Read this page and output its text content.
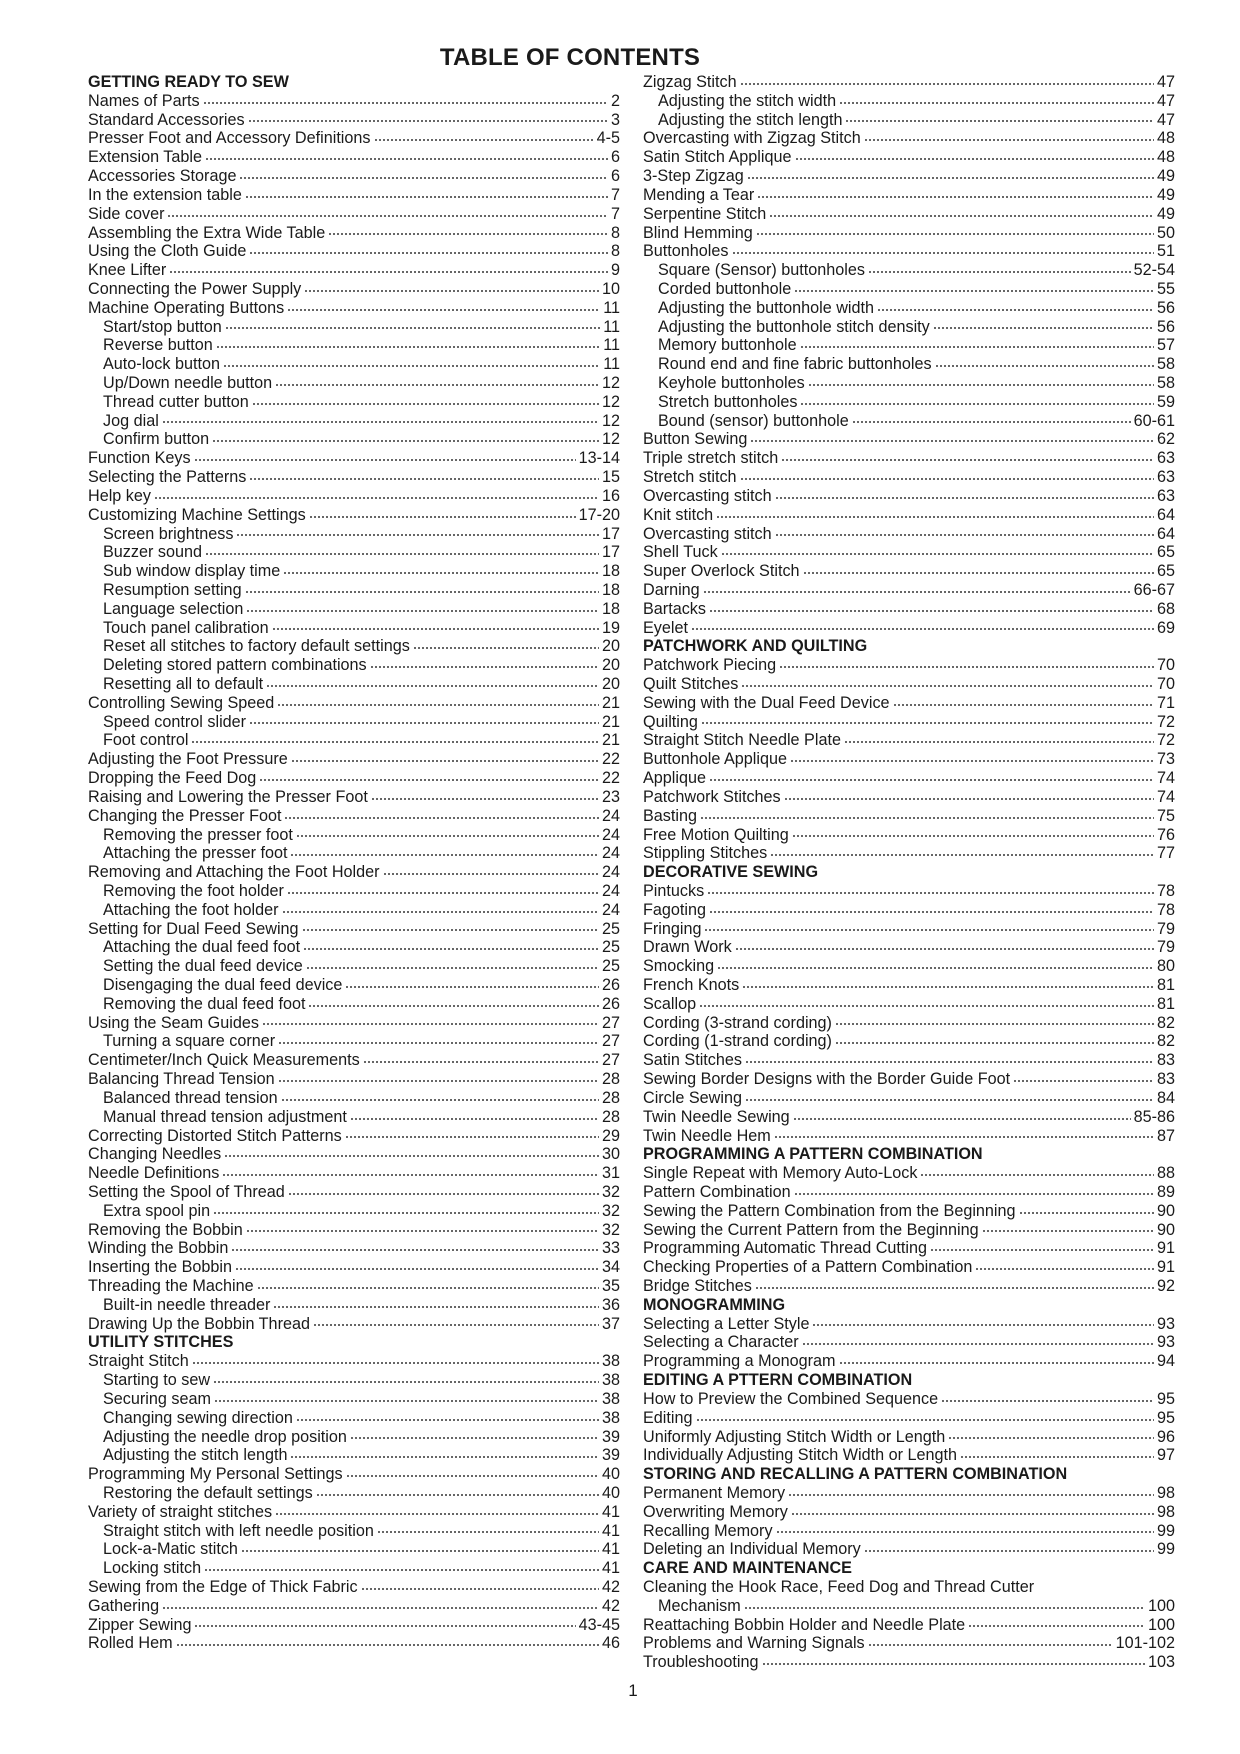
TABLE OF CONTENTS
GETTING READY TO SEW
Names of Parts	2
Standard Accessories	3
Presser Foot and Accessory Definitions	4-5
Extension Table	6
Accessories Storage	6
In the extension table	7
Side cover	7
Assembling the Extra Wide Table	8
Using the Cloth Guide	8
Knee Lifter	9
Connecting the Power Supply	10
Machine Operating Buttons	11
Start/stop button	11
Reverse button	11
Auto-lock button	11
Up/Down needle button	12
Thread cutter button	12
Jog dial	12
Confirm button	12
Function Keys	13-14
Selecting the Patterns	15
Help key	16
Customizing Machine Settings	17-20
Screen brightness	17
Buzzer sound	17
Sub window display time	18
Resumption setting	18
Language selection	18
Touch panel calibration	19
Reset all stitches to factory default settings	20
Deleting stored pattern combinations	20
Resetting all to default	20
Controlling Sewing Speed	21
Speed control slider	21
Foot control	21
Adjusting the Foot Pressure	22
Dropping the Feed Dog	22
Raising and Lowering the Presser Foot	23
Changing the Presser Foot	24
Removing the presser foot	24
Attaching the presser foot	24
Removing and Attaching the Foot Holder	24
Removing the foot holder	24
Attaching the foot holder	24
Setting for Dual Feed Sewing	25
Attaching the dual feed foot	25
Setting the dual feed device	25
Disengaging the dual feed device	26
Removing the dual feed foot	26
Using the Seam Guides	27
Turning a square corner	27
Centimeter/Inch Quick Measurements	27
Balancing Thread Tension	28
Balanced thread tension	28
Manual thread tension adjustment	28
Correcting Distorted Stitch Patterns	29
Changing Needles	30
Needle Definitions	31
Setting the Spool of Thread	32
Extra spool pin	32
Removing the Bobbin	32
Winding the Bobbin	33
Inserting the Bobbin	34
Threading the Machine	35
Built-in needle threader	36
Drawing Up the Bobbin Thread	37
UTILITY STITCHES
Straight Stitch	38
Starting to sew	38
Securing seam	38
Changing sewing direction	38
Adjusting the needle drop position	39
Adjusting the stitch length	39
Programming My Personal Settings	40
Restoring the default settings	40
Variety of straight stitches	41
Straight stitch with left needle position	41
Lock-a-Matic stitch	41
Locking stitch	41
Sewing from the Edge of Thick Fabric	42
Gathering	42
Zipper Sewing	43-45
Rolled Hem	46
Zigzag Stitch	47
Adjusting the stitch width	47
Adjusting the stitch length	47
Overcasting with Zigzag Stitch	48
Satin Stitch Applique	48
3-Step Zigzag	49
Mending a Tear	49
Serpentine Stitch	49
Blind Hemming	50
Buttonholes	51
Square (Sensor) buttonholes	52-54
Corded buttonhole	55
Adjusting the buttonhole width	56
Adjusting the buttonhole stitch density	56
Memory buttonhole	57
Round end and fine fabric buttonholes	58
Keyhole buttonholes	58
Stretch buttonholes	59
Bound (sensor) buttonhole	60-61
Button Sewing	62
Triple stretch stitch	63
Stretch stitch	63
Overcasting stitch	63
Knit stitch	64
Overcasting stitch	64
Shell Tuck	65
Super Overlock Stitch	65
Darning	66-67
Bartacks	68
Eyelet	69
PATCHWORK AND QUILTING
Patchwork Piecing	70
Quilt Stitches	70
Sewing with the Dual Feed Device	71
Quilting	72
Straight Stitch Needle Plate	72
Buttonhole Applique	73
Applique	74
Patchwork Stitches	74
Basting	75
Free Motion Quilting	76
Stippling Stitches	77
DECORATIVE SEWING
Pintucks	78
Fagoting	78
Fringing	79
Drawn Work	79
Smocking	80
French Knots	81
Scallop	81
Cording (3-strand cording)	82
Cording (1-strand cording)	82
Satin Stitches	83
Sewing Border Designs with the Border Guide Foot	83
Circle Sewing	84
Twin Needle Sewing	85-86
Twin Needle Hem	87
PROGRAMMING A PATTERN COMBINATION
Single Repeat with Memory Auto-Lock	88
Pattern Combination	89
Sewing the Pattern Combination from the Beginning	90
Sewing the Current Pattern from the Beginning	90
Programming Automatic Thread Cutting	91
Checking Properties of a Pattern Combination	91
Bridge Stitches	92
MONOGRAMMING
Selecting a Letter Style	93
Selecting a Character	93
Programming a Monogram	94
EDITING A PTTERN COMBINATION
How to Preview the Combined Sequence	95
Editing	95
Uniformly Adjusting Stitch Width or Length	96
Individually Adjusting Stitch Width or Length	97
STORING AND RECALLING A PATTERN COMBINATION
Permanent Memory	98
Overwriting Memory	98
Recalling Memory	99
Deleting an Individual Memory	99
CARE AND MAINTENANCE
Cleaning the Hook Race, Feed Dog and Thread Cutter
Mechanism	100
Reattaching Bobbin Holder and Needle Plate	100
Problems and Warning Signals	101-102
Troubleshooting	103
1
